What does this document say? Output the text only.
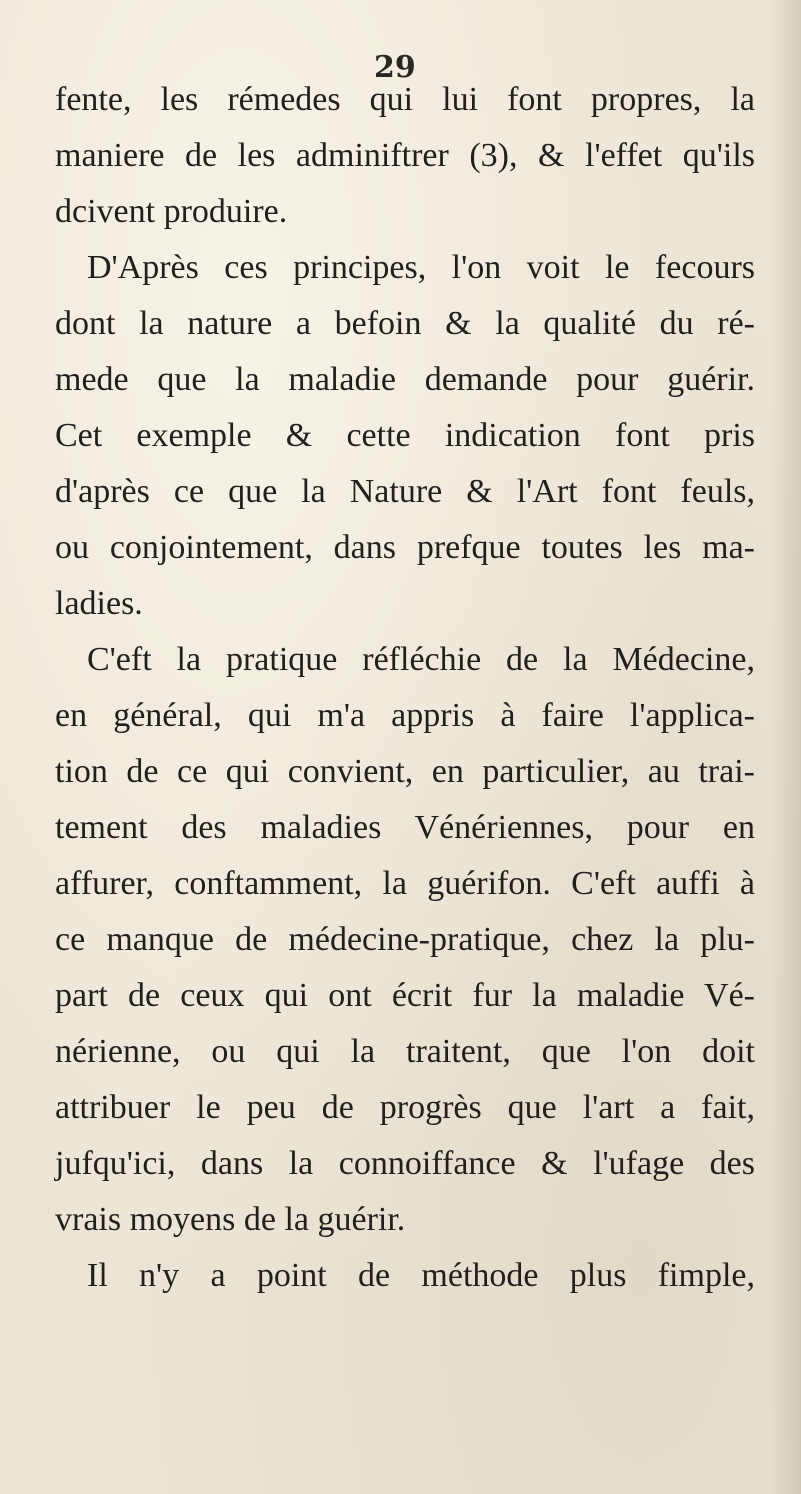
29
fente, les rémedes qui lui font propres, la
maniere de les adminiftrer (3), & l'effet qu'ils
dcivent produire.
D'Après ces principes, l'on voit le fecours
dont la nature a befoin & la qualité du ré-
mede que la maladie demande pour guérir.
Cet exemple & cette indication font pris
d'après ce que la Nature & l'Art font feuls,
ou conjointement, dans prefque toutes les ma-
ladies.
C'eft la pratique réfléchie de la Médecine,
en général, qui m'a appris à faire l'applica-
tion de ce qui convient, en particulier, au trai-
tement des maladies Vénériennes, pour en
affurer, conftamment, la guérifon. C'eft auffi à
ce manque de médecine-pratique, chez la plu-
part de ceux qui ont écrit fur la maladie Vé-
nérienne, ou qui la traitent, que l'on doit
attribuer le peu de progrès que l'art a fait,
jufqu'ici, dans la connoiffance & l'ufage des
vrais moyens de la guérir.
Il n'y a point de méthode plus fimple,
